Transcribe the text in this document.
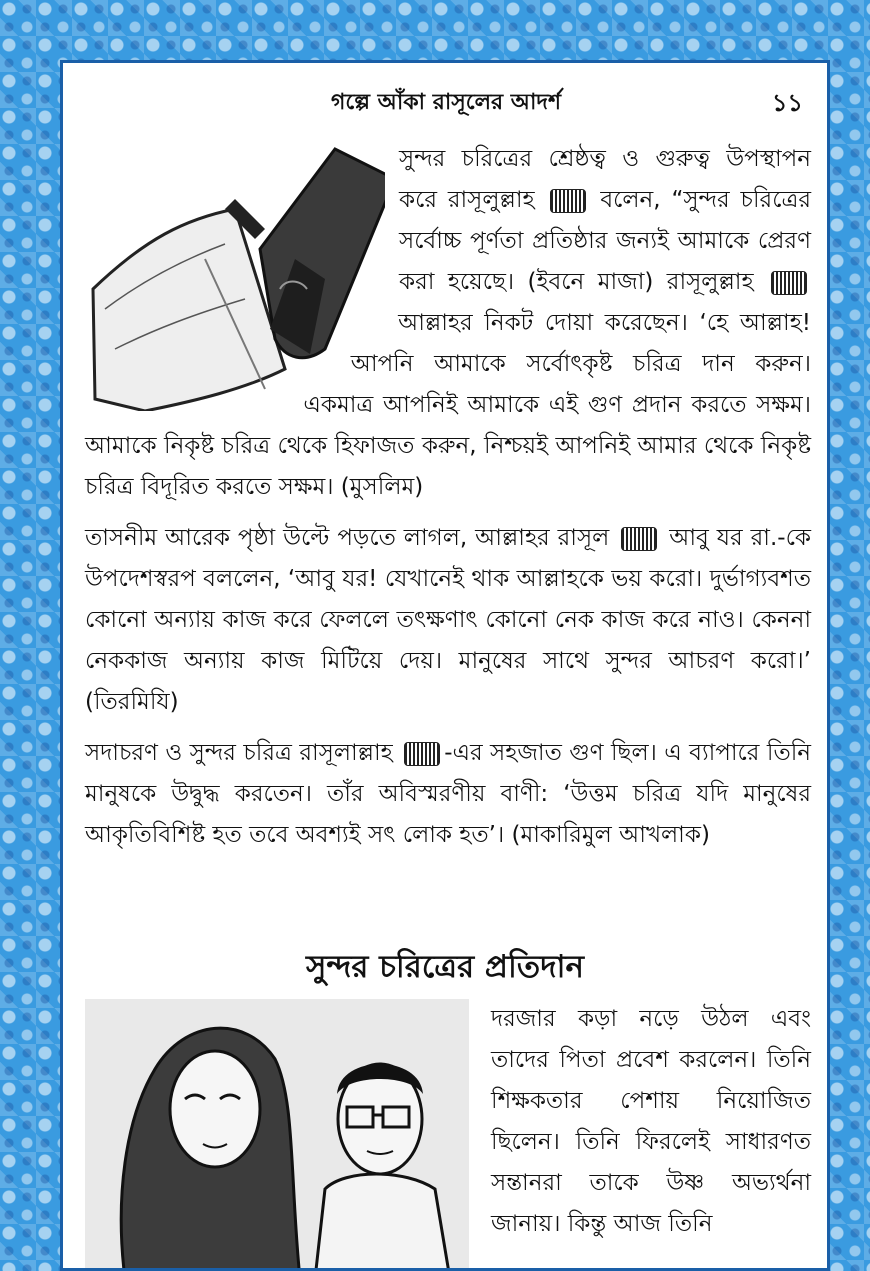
গল্পে আঁকা রাসূলের আদর্শ	১১

সুন্দর চরিত্রের শ্রেষ্ঠত্ব ও গুরুত্ব উপস্থাপন করে রাসূলুল্লাহ	বলেন, “সুন্দর চরিত্রের সর্বোচ্চ পূর্ণতা প্রতিষ্ঠার জন্যই আমাকে প্রেরণ করা হয়েছে। (ইবনে মাজা) রাসূলুল্লাহ  আল্লাহর নিকট দোয়া করেছেন। ‘হে আল্লাহ! আপনি আমাকে সর্বোৎকৃষ্ট চরিত্র দান করুন। একমাত্র আপনিই আমাকে এই গুণ প্রদান করতে সক্ষম। আমাকে নিকৃষ্ট চরিত্র থেকে হিফাজত করুন, নিশ্চয়ই আপনিই আমার থেকে নিকৃষ্ট চরিত্র বিদূরিত করতে সক্ষম। (মুসলিম)

তাসনীম আরেক পৃষ্ঠা উল্টে পড়তে লাগল, আল্লাহর রাসূল	আবু যর রা.-কে উপদেশস্বরপ বললেন, ‘আবু যর! যেখানেই থাক আল্লাহকে ভয় করো। দুর্ভাগ্যবশত কোনো অন্যায় কাজ করে ফেললে তৎক্ষণাৎ কোনো নেক কাজ করে নাও। কেননা নেককাজ অন্যায় কাজ মিটিয়ে দেয়। মানুষের সাথে সুন্দর আচরণ করো।’ (তিরমিযি)

সদাচরণ ও সুন্দর চরিত্র রাসূলাল্লাহ -এর সহজাত গুণ ছিল। এ ব্যাপারে তিনি মানুষকে উদ্বুদ্ধ করতেন। তাঁর অবিস্মরণীয় বাণী: ‘উত্তম চরিত্র যদি মানুষের আকৃতিবিশিষ্ট হত তবে অবশ্যই সৎ লোক হত’। (মাকারিমুল আখলাক)

সুন্দর চরিত্রের প্রতিদান

দরজার কড়া নড়ে উঠল এবং তাদের পিতা প্রবেশ করলেন। তিনি শিক্ষকতার পেশায় নিয়োজিত ছিলেন। তিনি ফিরলেই সাধারণত সন্তানরা তাকে উষ্ণ অভ্যর্থনা জানায়। কিন্তু আজ তিনি
